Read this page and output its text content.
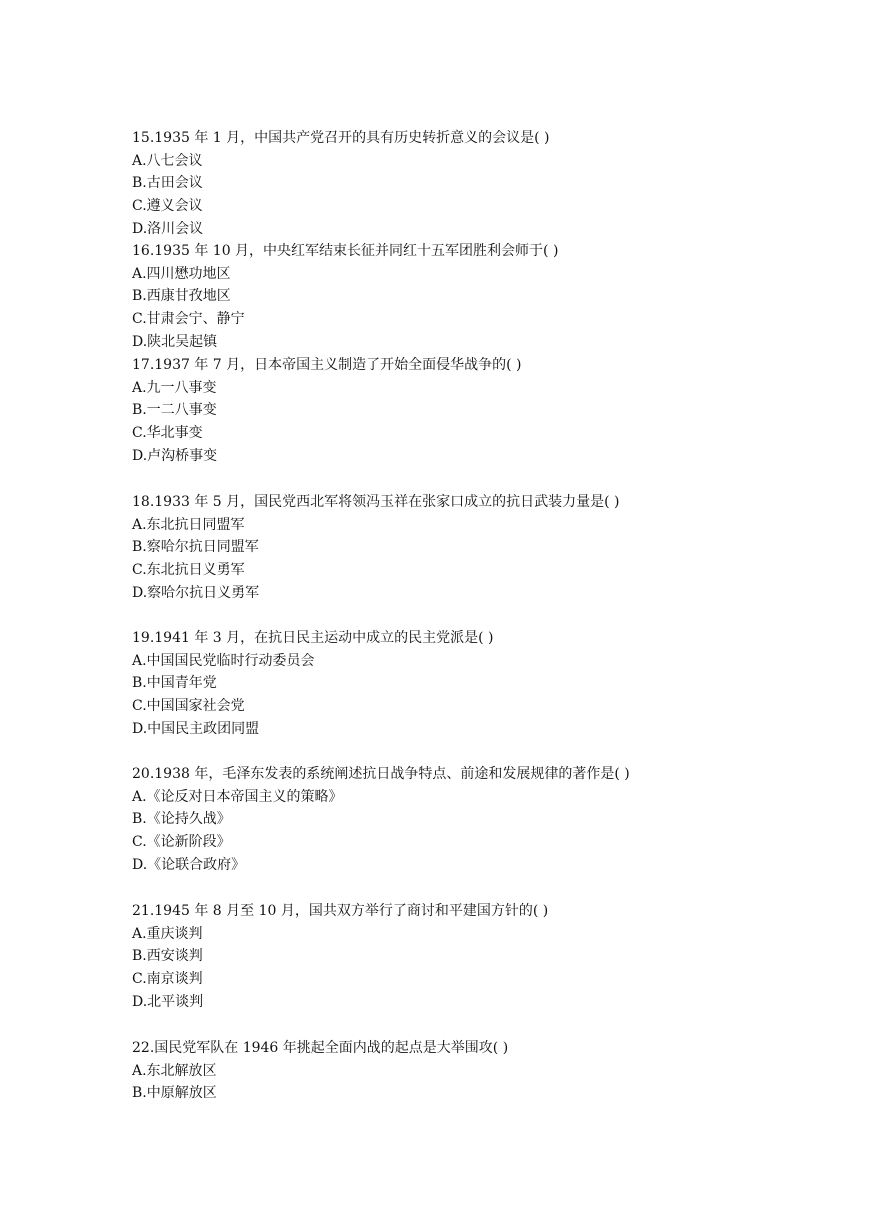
15.1935 年 1 月，中国共产党召开的具有历史转折意义的会议是( )
A.八七会议
B.古田会议
C.遵义会议
D.洛川会议
16.1935 年 10 月，中央红军结束长征并同红十五军团胜利会师于( )
A.四川懋功地区
B.西康甘孜地区
C.甘肃会宁、静宁
D.陕北吴起镇
17.1937 年 7 月，日本帝国主义制造了开始全面侵华战争的( )
A.九一八事变
B.一二八事变
C.华北事变
D.卢沟桥事变
18.1933 年 5 月，国民党西北军将领冯玉祥在张家口成立的抗日武装力量是( )
A.东北抗日同盟军
B.察哈尔抗日同盟军
C.东北抗日义勇军
D.察哈尔抗日义勇军
19.1941 年 3 月，在抗日民主运动中成立的民主党派是( )
A.中国国民党临时行动委员会
B.中国青年党
C.中国国家社会党
D.中国民主政团同盟
20.1938 年，毛泽东发表的系统阐述抗日战争特点、前途和发展规律的著作是( )
A.《论反对日本帝国主义的策略》
B.《论持久战》
C.《论新阶段》
D.《论联合政府》
21.1945 年 8 月至 10 月，国共双方举行了商讨和平建国方针的( )
A.重庆谈判
B.西安谈判
C.南京谈判
D.北平谈判
22.国民党军队在 1946 年挑起全面内战的起点是大举围攻( )
A.东北解放区
B.中原解放区
